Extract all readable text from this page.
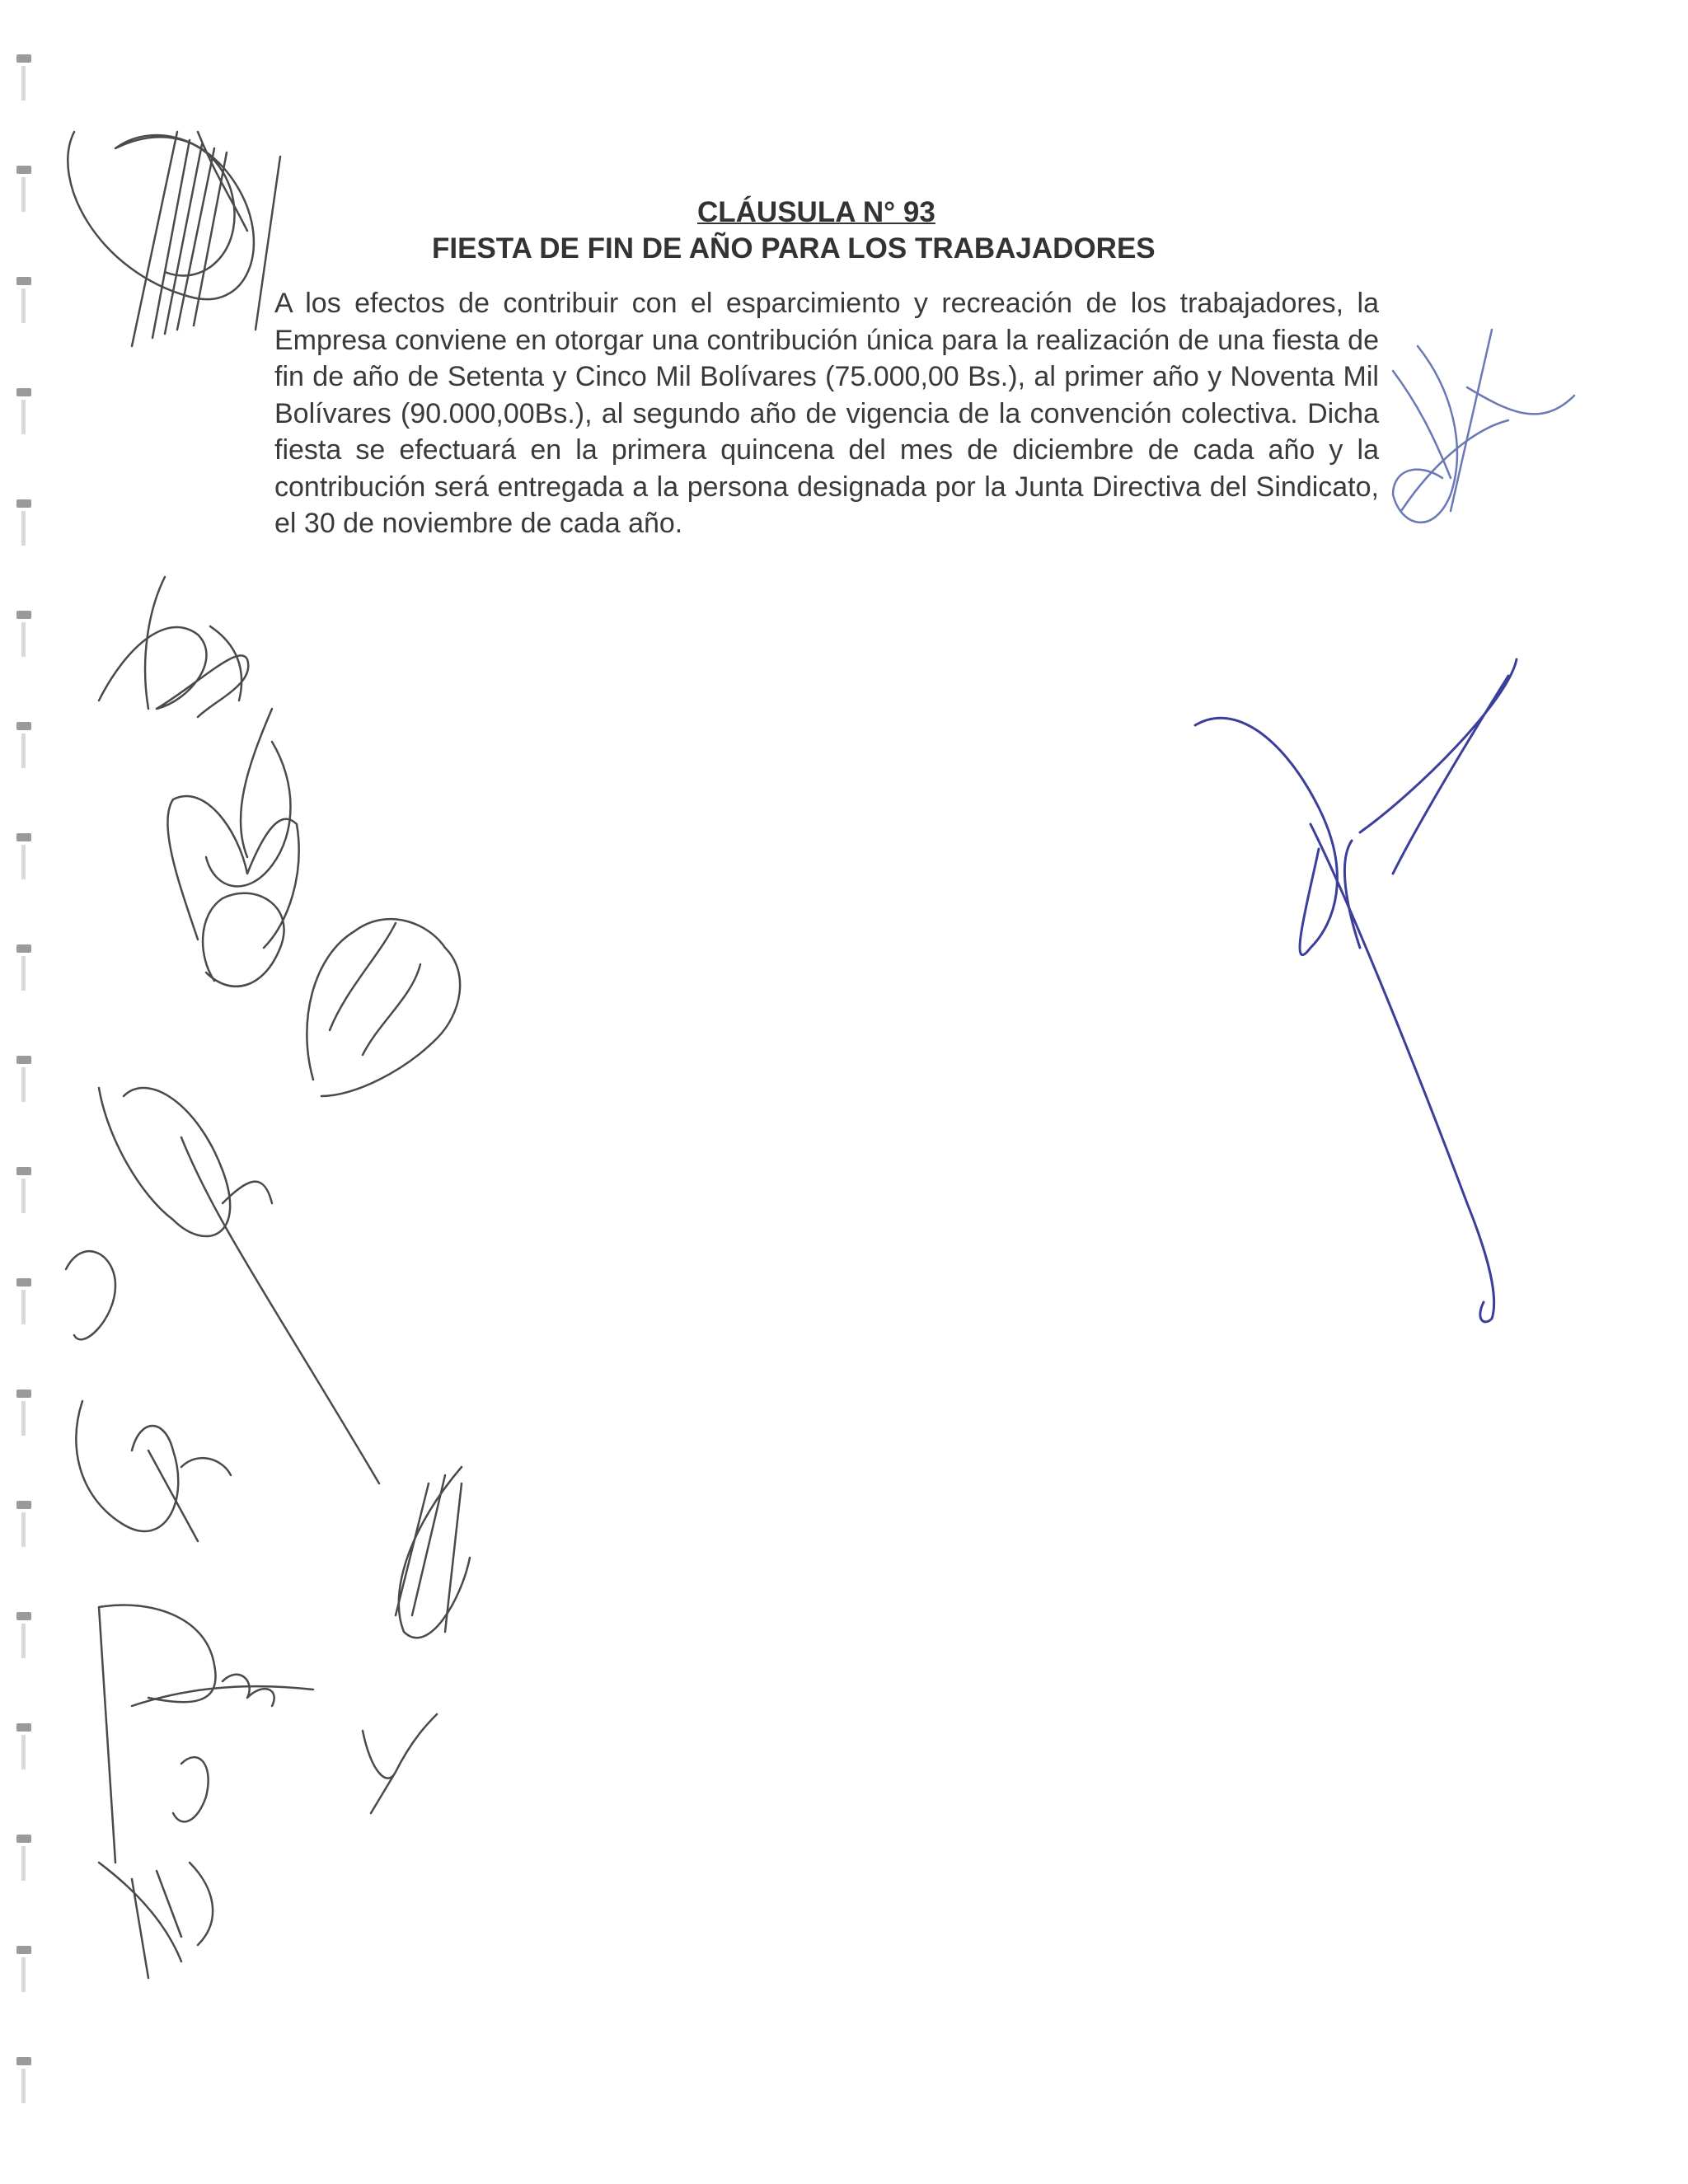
CLÁUSULA N° 93
FIESTA DE FIN DE AÑO PARA LOS TRABAJADORES

A los efectos de contribuir con el esparcimiento y recreación de los trabajadores, la Empresa conviene en otorgar una contribución única para la realización de una fiesta de fin de año de Setenta y Cinco Mil Bolívares (75.000,00 Bs.), al primer año y Noventa Mil Bolívares (90.000,00Bs.), al segundo año de vigencia de la convención colectiva. Dicha fiesta se efectuará en la primera quincena del mes de diciembre de cada año y la contribución será entregada a la persona designada por la Junta Directiva del Sindicato, el 30 de noviembre de cada año.
